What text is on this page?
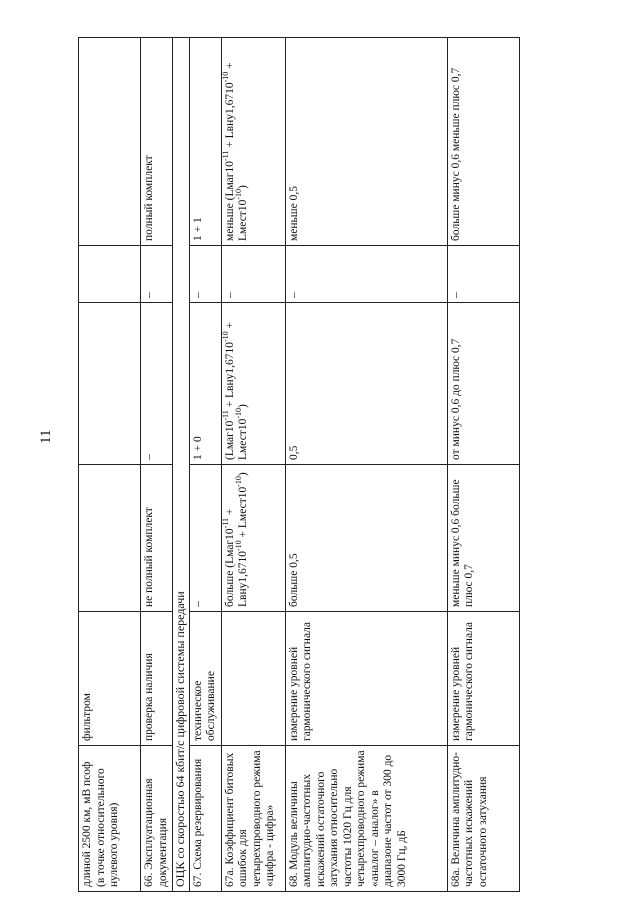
11
длиной 2500 км, мВ псоф (в точке относительного нулевого уровня)	фильтром				
66. Эксплуатационная документация	проверка наличия	не полный комплект	–	–	полный комплект
ОЦК со скоростью 64 кбит/с цифровой системы передачи					
67. Схема резервирования	техническое обслуживание	–	1 + 0	–	1 + 1
67а. Коэффициент битовых ошибок для четырехпроводного режима «цифра - цифра»		больше ($Lмаг10^{-11}$ + $Lвну1,6710^{-10}$ + $Lмест10^{-10}$)	($Lмаг10^{-11}$ + $Lвну1,6710^{-10}$ + $Lмест10^{-10}$)	–	меньше ($Lмаг10^{-11}$ + $Lвну1,6710^{-10}$ + $Lмест10^{-10}$)
68. Модуль величины амплитудно-частотных искажений остаточного затухания относительно частоты 1020 Гц для четырехпроводного режима «аналог – аналог» в диапазоне частот от 300 до 3000 Гц, дБ	измерение уровней гармонического сигнала	больше 0,5	0,5	–	меньше 0,5
68а. Величина амплитудно-частотных искажений остаточного затухания	измерение уровней гармонического сигнала	меньше минус 0,6 больше плюс 0,7	от минус 0,6 до плюс 0,7	–	больше минус 0,6 меньше плюс 0,7
